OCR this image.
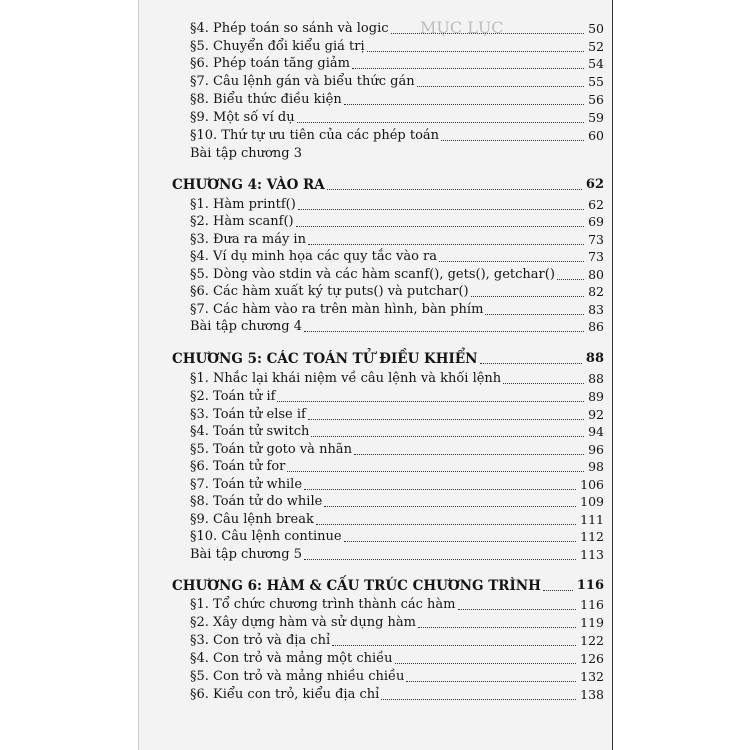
MỤC LỤC
§4. Phép toán so sánh và logic	50
§5. Chuyển đổi kiểu giá trị	52
§6. Phép toán tăng giảm	54
§7. Câu lệnh gán và biểu thức gán	55
§8. Biểu thức điều kiện	56
§9. Một số ví dụ	59
§10. Thứ tự ưu tiên của các phép toán	60
Bài tập chương 3
CHƯƠNG 4: VÀO RA	62
§1. Hàm printf()	62
§2. Hàm scanf()	69
§3. Đưa ra máy in	73
§4. Ví dụ minh họa các quy tắc vào ra	73
§5. Dòng vào stdin và các hàm scanf(), gets(), getchar()	80
§6. Các hàm xuất ký tự puts() và putchar()	82
§7. Các hàm vào ra trên màn hình, bàn phím	83
Bài tập chương 4	86
CHƯƠNG 5: CÁC TOÁN TỬ ĐIỀU KHIỂN	88
§1. Nhắc lại khái niệm về câu lệnh và khối lệnh	88
§2. Toán tử if	89
§3. Toán tử else if	92
§4. Toán tử switch	94
§5. Toán tử goto và nhãn	96
§6. Toán tử for	98
§7. Toán tử while	106
§8. Toán tử do while	109
§9. Câu lệnh break	111
§10. Câu lệnh continue	112
Bài tập chương 5	113
CHƯƠNG 6: HÀM & CẤU TRÚC CHƯƠNG TRÌNH	116
§1. Tổ chức chương trình thành các hàm	116
§2. Xây dựng hàm và sử dụng hàm	119
§3. Con trỏ và địa chỉ	122
§4. Con trỏ và mảng một chiều	126
§5. Con trỏ và mảng nhiều chiều	132
§6. Kiểu con trỏ, kiểu địa chỉ	138
